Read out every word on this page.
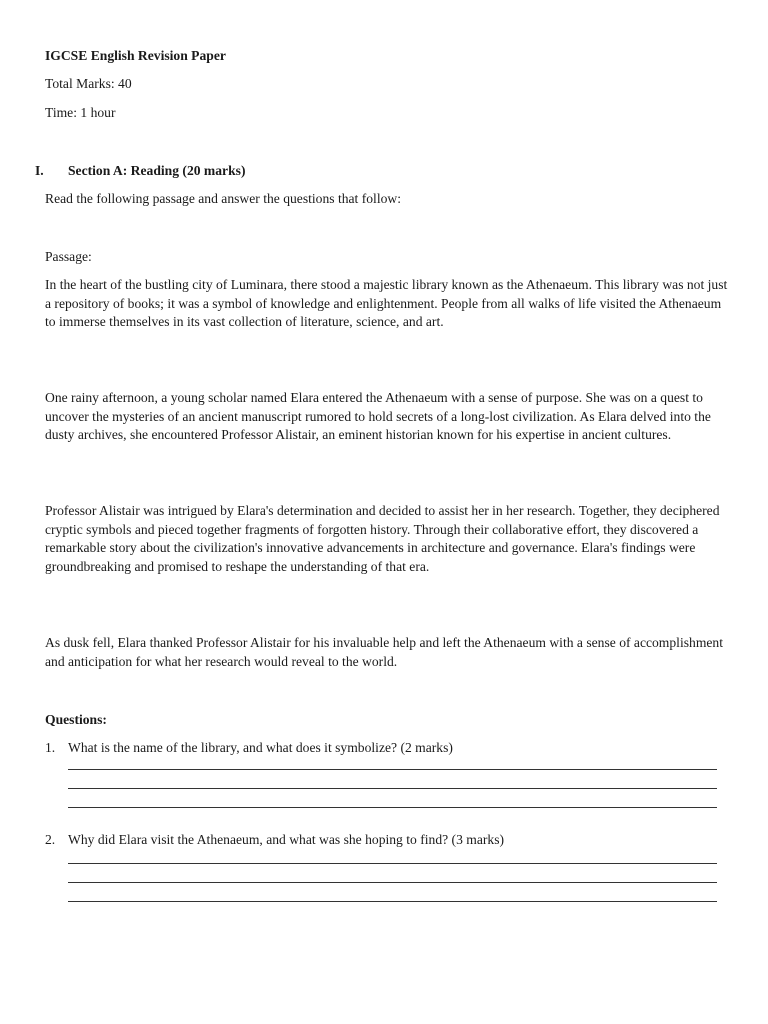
IGCSE English Revision Paper
Total Marks: 40
Time: 1 hour
I. Section A: Reading (20 marks)
Read the following passage and answer the questions that follow:
Passage:
In the heart of the bustling city of Luminara, there stood a majestic library known as the Athenaeum. This library was not just a repository of books; it was a symbol of knowledge and enlightenment. People from all walks of life visited the Athenaeum to immerse themselves in its vast collection of literature, science, and art.
One rainy afternoon, a young scholar named Elara entered the Athenaeum with a sense of purpose. She was on a quest to uncover the mysteries of an ancient manuscript rumored to hold secrets of a long-lost civilization. As Elara delved into the dusty archives, she encountered Professor Alistair, an eminent historian known for his expertise in ancient cultures.
Professor Alistair was intrigued by Elara's determination and decided to assist her in her research. Together, they deciphered cryptic symbols and pieced together fragments of forgotten history. Through their collaborative effort, they discovered a remarkable story about the civilization's innovative advancements in architecture and governance. Elara's findings were groundbreaking and promised to reshape the understanding of that era.
As dusk fell, Elara thanked Professor Alistair for his invaluable help and left the Athenaeum with a sense of accomplishment and anticipation for what her research would reveal to the world.
Questions:
1. What is the name of the library, and what does it symbolize? (2 marks)
2. Why did Elara visit the Athenaeum, and what was she hoping to find? (3 marks)
